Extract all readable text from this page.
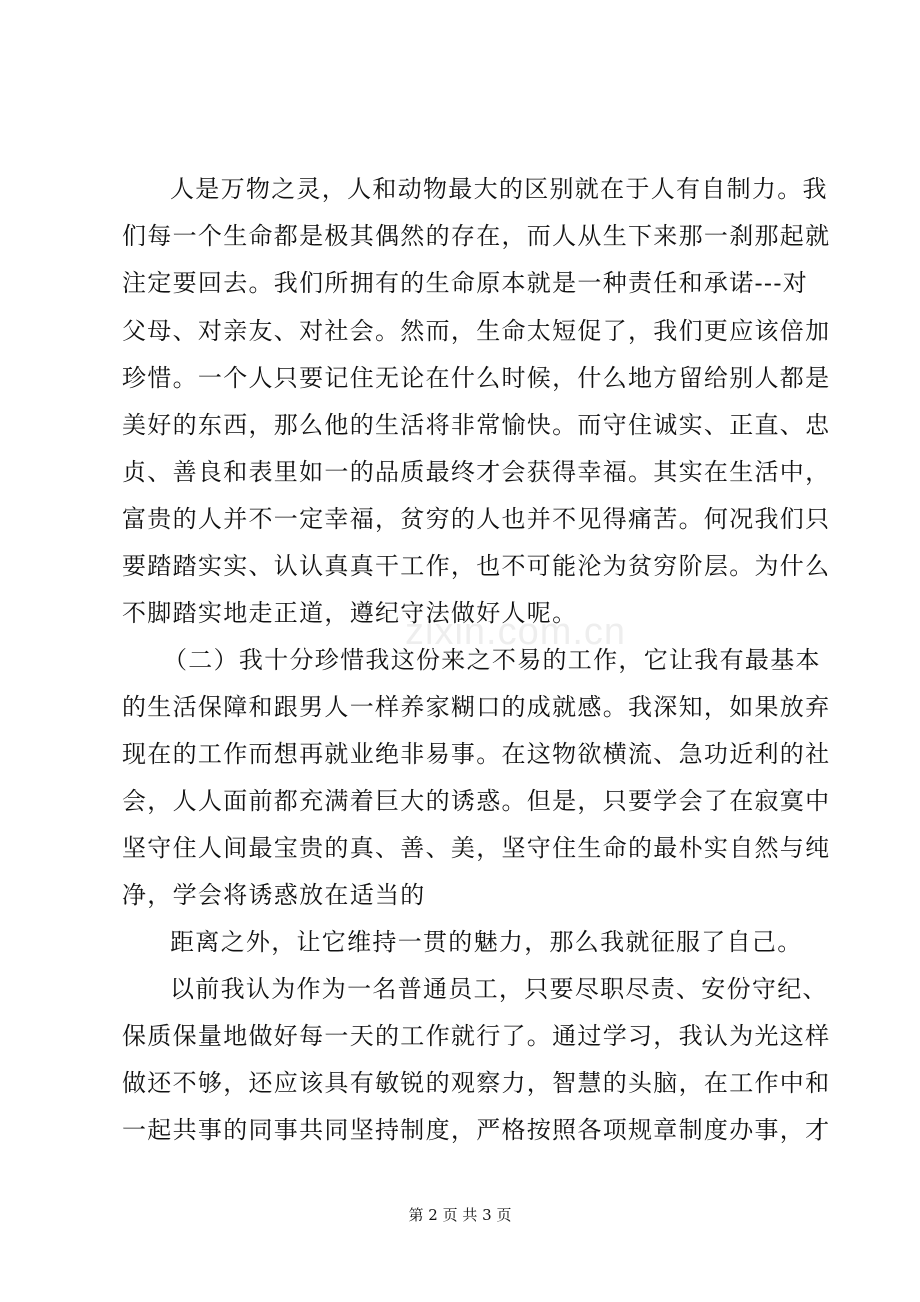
zixin.com.cn
人是万物之灵，人和动物最大的区别就在于人有自制力。我
们每一个生命都是极其偶然的存在，而人从生下来那一刹那起就
注定要回去。我们所拥有的生命原本就是一种责任和承诺---对
父母、对亲友、对社会。然而，生命太短促了，我们更应该倍加
珍惜。一个人只要记住无论在什么时候，什么地方留给别人都是
美好的东西，那么他的生活将非常愉快。而守住诚实、正直、忠
贞、善良和表里如一的品质最终才会获得幸福。其实在生活中，
富贵的人并不一定幸福，贫穷的人也并不见得痛苦。何况我们只
要踏踏实实、认认真真干工作，也不可能沦为贫穷阶层。为什么
不脚踏实地走正道，遵纪守法做好人呢。
（二）我十分珍惜我这份来之不易的工作，它让我有最基本
的生活保障和跟男人一样养家糊口的成就感。我深知，如果放弃
现在的工作而想再就业绝非易事。在这物欲横流、急功近利的社
会，人人面前都充满着巨大的诱惑。但是，只要学会了在寂寞中
坚守住人间最宝贵的真、善、美，坚守住生命的最朴实自然与纯
净，学会将诱惑放在适当的
距离之外，让它维持一贯的魅力，那么我就征服了自己。
以前我认为作为一名普通员工，只要尽职尽责、安份守纪、
保质保量地做好每一天的工作就行了。通过学习，我认为光这样
做还不够，还应该具有敏锐的观察力，智慧的头脑，在工作中和
一起共事的同事共同坚持制度，严格按照各项规章制度办事，才
第 2 页 共 3 页
